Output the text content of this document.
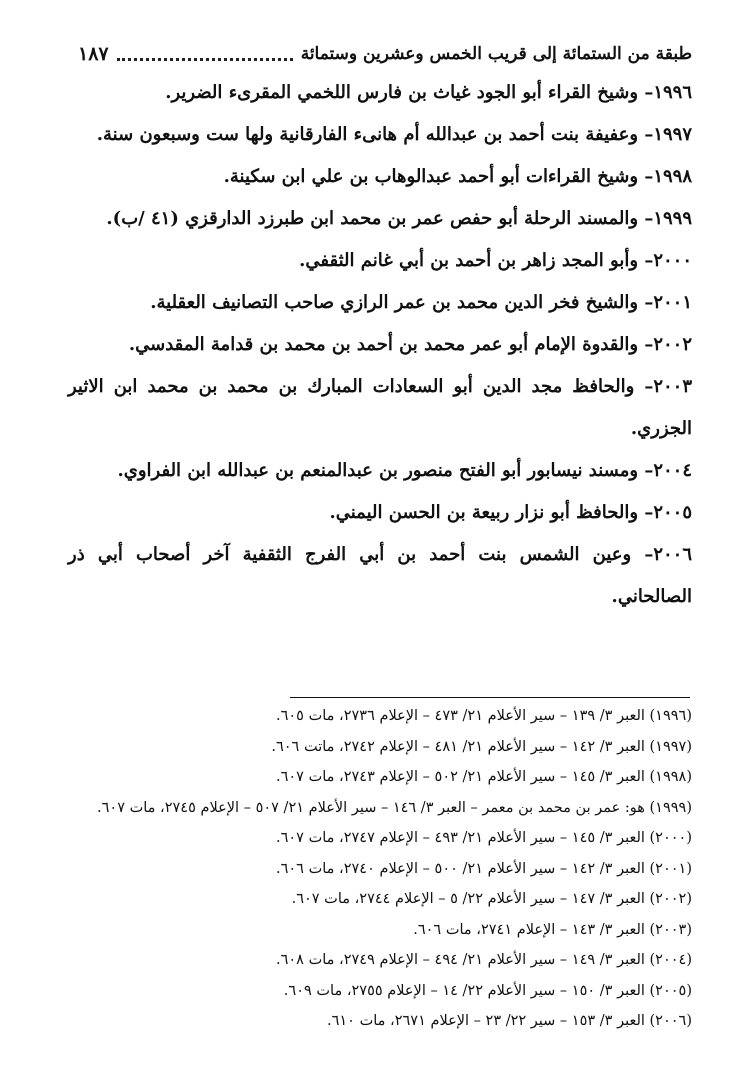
طبقة من الستمائة إلى قريب الخمس وعشرين وستمائة
١٨٧

١٩٩٦– وشيخ القراء أبو الجود غياث بن فارس اللخمي المقرىء الضرير.

١٩٩٧– وعفيفة بنت أحمد بن عبدالله أم هانىء الفارقانية ولها ست وسبعون سنة.

١٩٩٨– وشيخ القراءات أبو أحمد عبدالوهاب بن علي ابن سكينة.

١٩٩٩– والمسند الرحلة أبو حفص عمر بن محمد ابن طبرزد الدارقزي (٤١ /ب).

٢٠٠٠– وأبو المجد زاهر بن أحمد بن أبي غانم الثقفي.

٢٠٠١– والشيخ فخر الدين محمد بن عمر الرازي صاحب التصانيف العقلية.

٢٠٠٢– والقدوة الإمام أبو عمر محمد بن أحمد بن محمد بن قدامة المقدسي.

٢٠٠٣– والحافظ مجد الدين أبو السعادات المبارك بن محمد بن محمد ابن الاثير الجزري.

٢٠٠٤– ومسند نيسابور أبو الفتح منصور بن عبدالمنعم بن عبدالله ابن الفراوي.

٢٠٠٥– والحافظ أبو نزار ربيعة بن الحسن اليمني.

٢٠٠٦– وعين الشمس بنت أحمد بن أبي الفرج الثقفية آخر أصحاب أبي ذر الصالحاني.

(١٩٩٦) العبر ٣/ ١٣٩ – سير الأعلام ٢١/ ٤٧٣ – الإعلام ٢٧٣٦، مات ٦٠٥.

(١٩٩٧) العبر ٣/ ١٤٢ – سير الأعلام ٢١/ ٤٨١ – الإعلام ٢٧٤٢، ماتت ٦٠٦.

(١٩٩٨) العبر ٣/ ١٤٥ – سير الأعلام ٢١/ ٥٠٢ – الإعلام ٢٧٤٣، مات ٦٠٧.

(١٩٩٩) هو: عمر بن محمد بن معمر – العبر ٣/ ١٤٦ – سير الأعلام ٢١/ ٥٠٧ – الإعلام ٢٧٤٥، مات ٦٠٧.

(٢٠٠٠) العبر ٣/ ١٤٥ – سير الأعلام ٢١/ ٤٩٣ – الإعلام ٢٧٤٧، مات ٦٠٧.

(٢٠٠١) العبر ٣/ ١٤٢ – سير الأعلام ٢١/ ٥٠٠ – الإعلام ٢٧٤٠، مات ٦٠٦.

(٢٠٠٢) العبر ٣/ ١٤٧ – سير الأعلام ٢٢/ ٥ – الإعلام ٢٧٤٤، مات ٦٠٧.

(٢٠٠٣) العبر ٣/ ١٤٣ – الإعلام ٢٧٤١، مات ٦٠٦.

(٢٠٠٤) العبر ٣/ ١٤٩ – سير الأعلام ٢١/ ٤٩٤ – الإعلام ٢٧٤٩، مات ٦٠٨.

(٢٠٠٥) العبر ٣/ ١٥٠ – سير الأعلام ٢٢/ ١٤ – الإعلام ٢٧٥٥، مات ٦٠٩.

(٢٠٠٦) العبر ٣/ ١٥٣ – سير ٢٢/ ٢٣ – الإعلام ٢٦٧١، مات ٦١٠.
